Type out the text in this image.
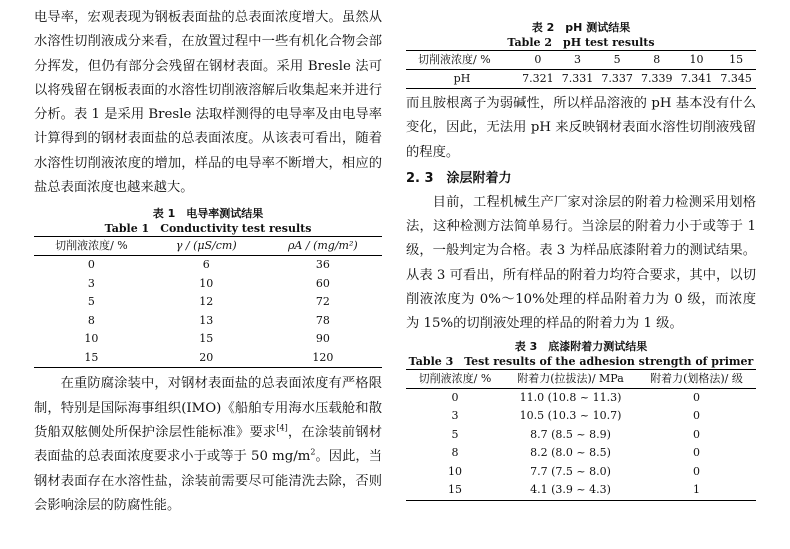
电导率，宏观表现为钢板表面盐的总表面浓度增大。虽然从水溶性切削液成分来看，在放置过程中一些有机化合物会部分挥发，但仍有部分会残留在钢材表面。采用 Bresle 法可以将残留在钢板表面的水溶性切削液溶解后收集起来并进行分析。表 1 是采用 Bresle 法取样测得的电导率及由电导率计算得到的钢材表面盐的总表面浓度。从该表可看出，随着水溶性切削液浓度的增加，样品的电导率不断增大，相应的盐总表面浓度也越来越大。

表 1　电导率测试结果
Table 1　Conductivity test results
切削液浓度/ %	γ / (μS/cm)	ρA / (mg/m²)
0	6	36
3	10	60
5	12	72
8	13	78
10	15	90
15	20	120

在重防腐涂装中，对钢材表面盐的总表面浓度有严格限制，特别是国际海事组织(IMO)《船舶专用海水压载舱和散货船双舷侧处所保护涂层性能标准》要求[4]，在涂装前钢材表面盐的总表面浓度要求小于或等于 50 $mg/m^2$。因此，当钢材表面存在水溶性盐，涂装前需要尽可能清洗去除，否则会影响涂层的防腐性能。

表 2　pH 测试结果
Table 2　pH test results
切削液浓度/ %	0	3	5	8	10	15
pH	7.321	7.331	7.337	7.339	7.341	7.345

而且胺根离子为弱碱性，所以样品溶液的 pH 基本没有什么变化，因此，无法用 pH 来反映钢材表面水溶性切削液残留的程度。

2. 3　涂层附着力

目前，工程机械生产厂家对涂层的附着力检测采用划格法，这种检测方法简单易行。当涂层的附着力小于或等于 1 级，一般判定为合格。表 3 为样品底漆附着力的测试结果。从表 3 可看出，所有样品的附着力均符合要求，其中，以切削液浓度为 0%～10%处理的样品附着力为 0 级，而浓度为 15%的切削液处理的样品的附着力为 1 级。

表 3　底漆附着力测试结果
Table 3　Test results of the adhesion strength of primer
切削液浓度/ %	附着力(拉拔法)/ MPa	附着力(划格法)/ 级
0	11.0 (10.8 ~ 11.3)	0
3	10.5 (10.3 ~ 10.7)	0
5	8.7 (8.5 ~ 8.9)	0
8	8.2 (8.0 ~ 8.5)	0
10	7.7 (7.5 ~ 8.0)	0
15	4.1 (3.9 ~ 4.3)	1
